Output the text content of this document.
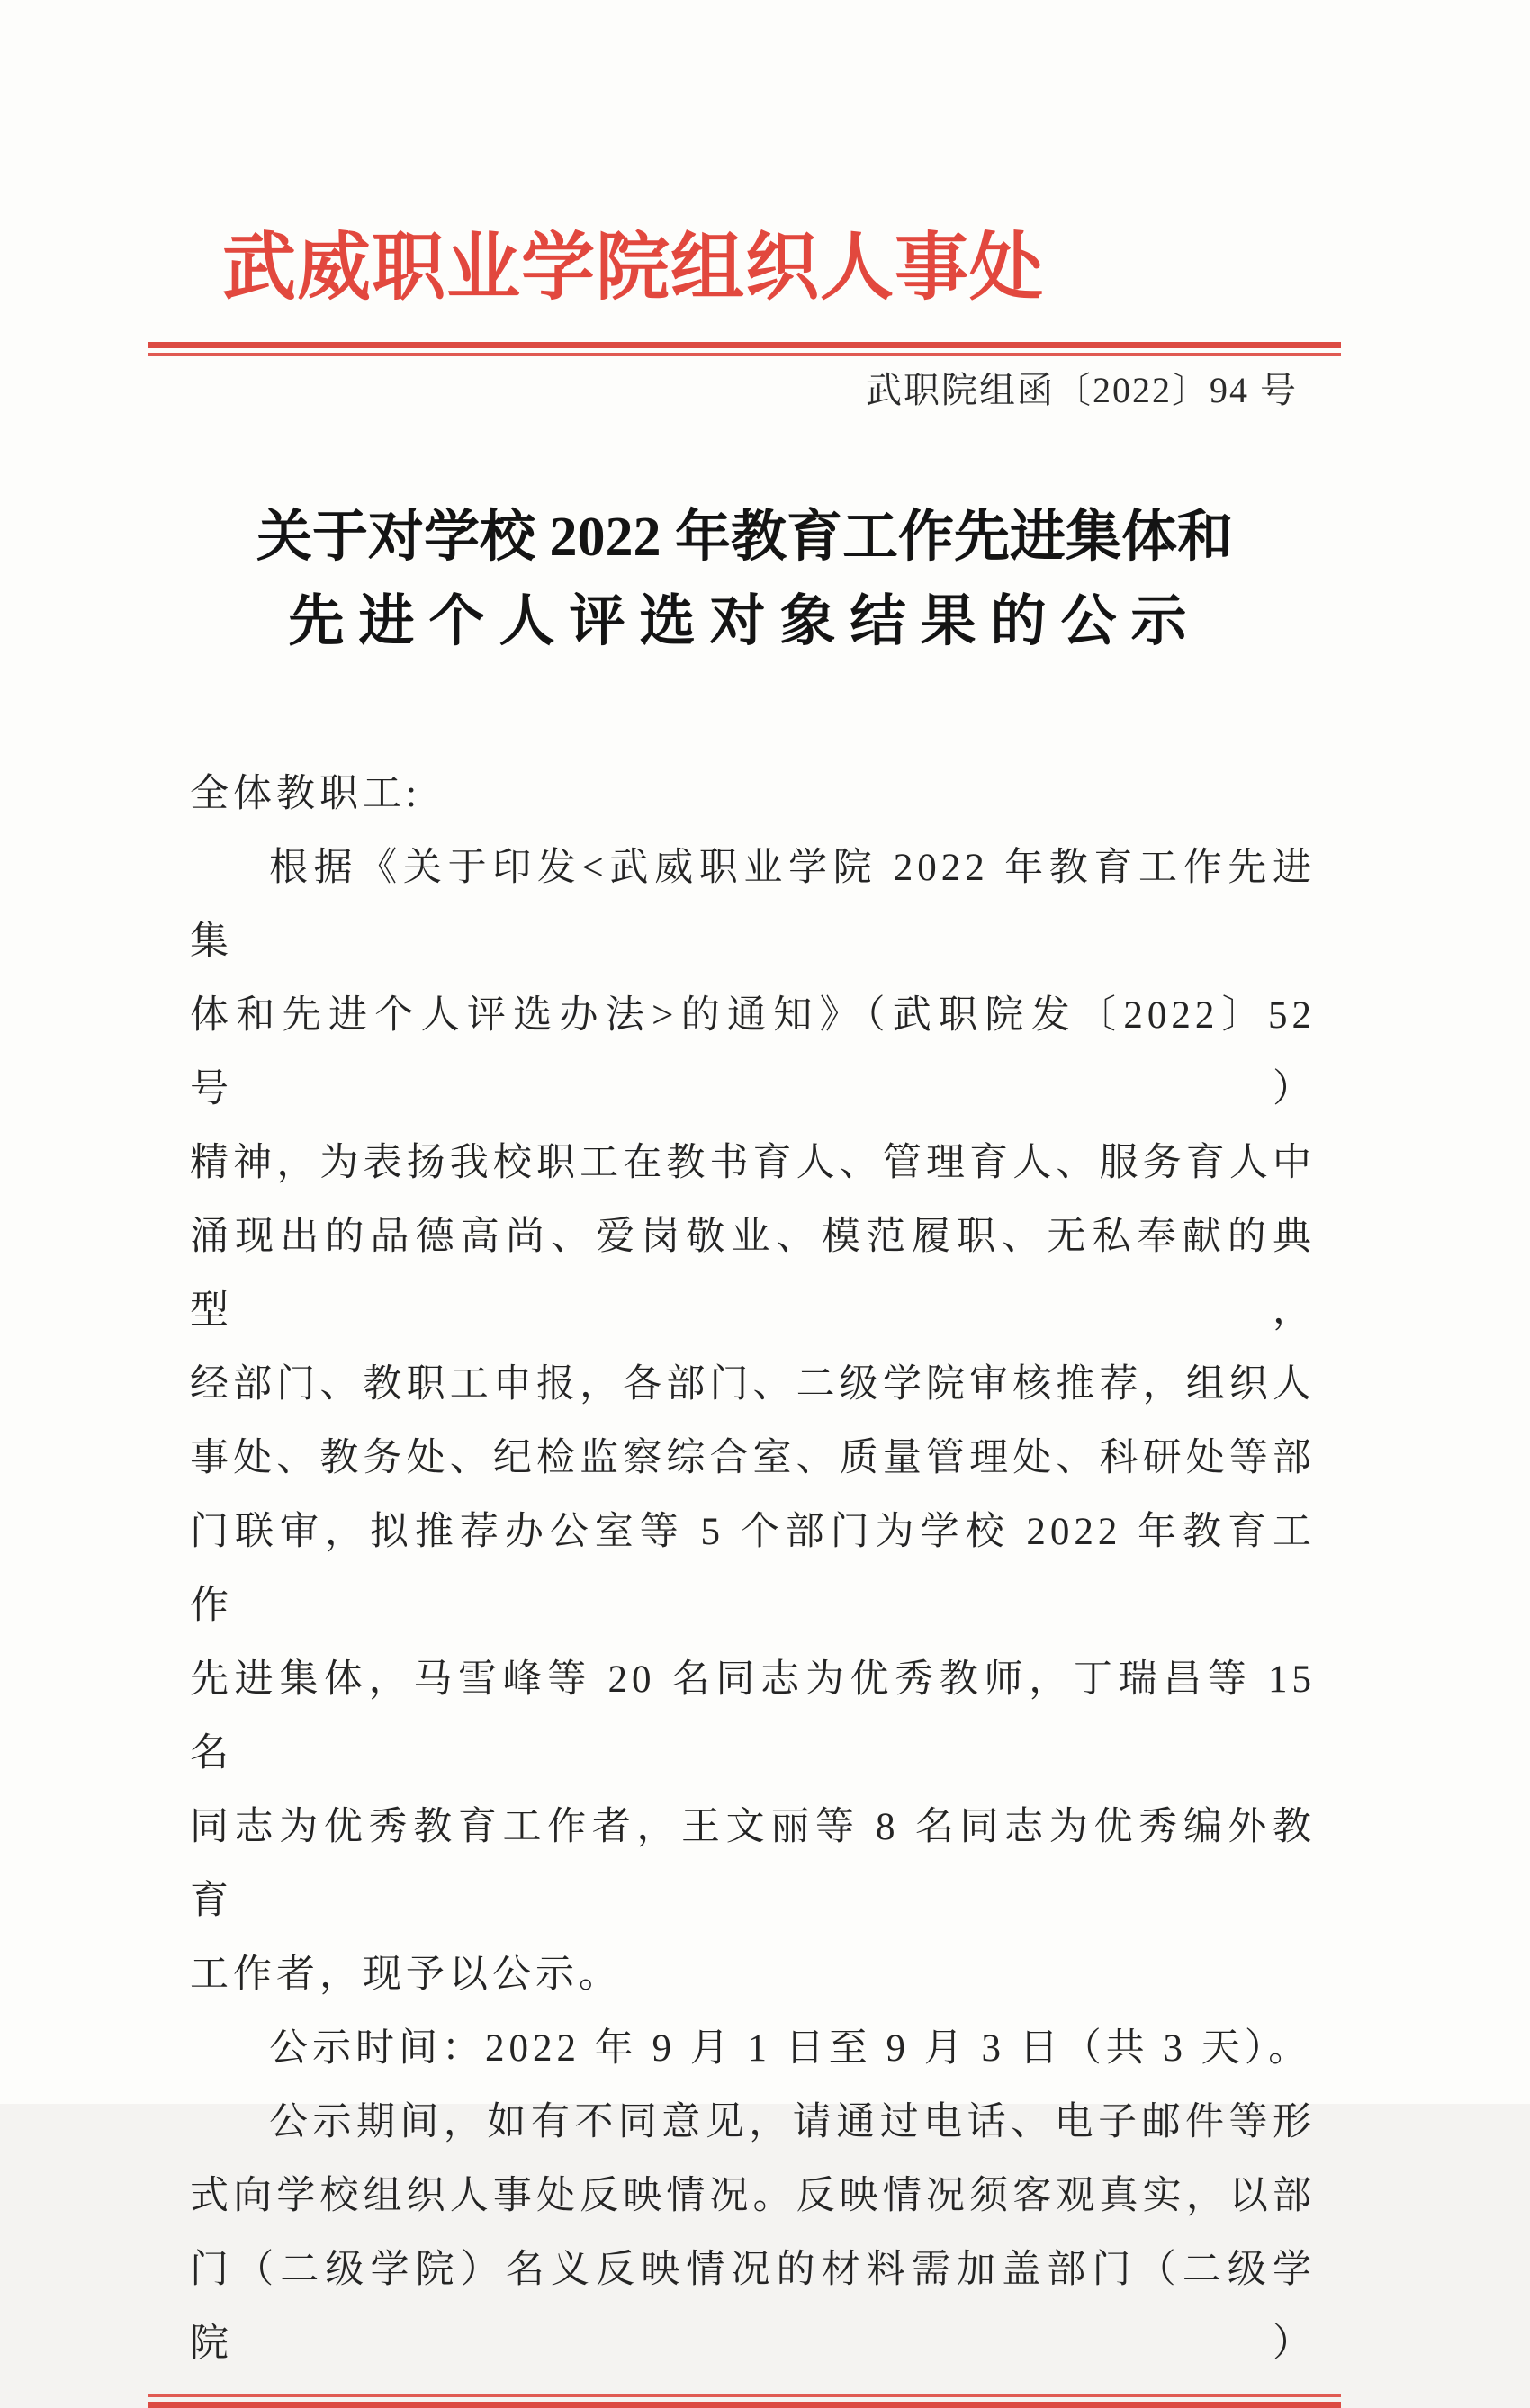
武威职业学院组织人事处
武职院组函〔2022〕94 号
关于对学校 2022 年教育工作先进集体和
先进个人评选对象结果的公示

全体教职工:

根据《关于印发<武威职业学院 2022 年教育工作先进集

体和先进个人评选办法>的通知》（武职院发〔2022〕52 号）

精神，为表扬我校职工在教书育人、管理育人、服务育人中

涌现出的品德高尚、爱岗敬业、模范履职、无私奉献的典型，

经部门、教职工申报，各部门、二级学院审核推荐，组织人

事处、教务处、纪检监察综合室、质量管理处、科研处等部

门联审，拟推荐办公室等 5 个部门为学校 2022 年教育工作

先进集体，马雪峰等 20 名同志为优秀教师，丁瑞昌等 15 名

同志为优秀教育工作者，王文丽等 8 名同志为优秀编外教育

工作者，现予以公示。

公示时间：2022 年 9 月 1 日至 9 月 3 日（共 3 天）。

公示期间，如有不同意见，请通过电话、电子邮件等形

式向学校组织人事处反映情况。反映情况须客观真实，以部

门（二级学院）名义反映情况的材料需加盖部门（二级学院）
